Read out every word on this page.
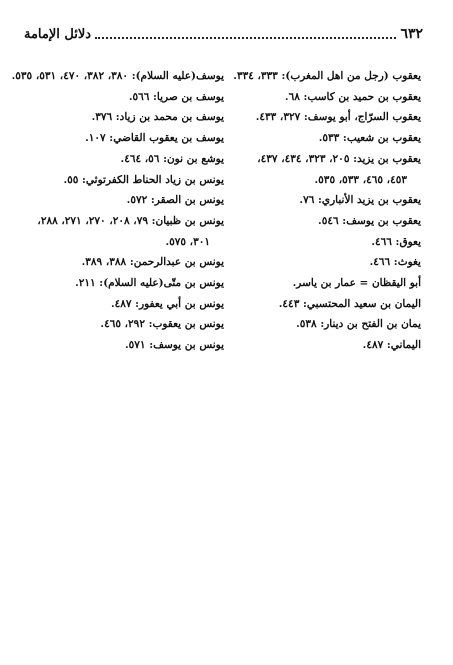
٦٣٢
دلائل الإمامة
يعقوب (رجل من اهل المغرب): ٣٣٣، ٣٣٤.
يعقوب بن حميد بن كاسب: ٦٨.
يعقوب السرّاج، أبو يوسف: ٣٢٧، ٤٣٣.
يعقوب بن شعيب: ٥٣٣.
يعقوب بن يزيد: ٢٠٥، ٣٢٣، ٤٣٤، ٤٣٧،
٤٥٣، ٤٦٥، ٥٣٣، ٥٣٥.
يعقوب بن يزيد الأنباري: ٧٦.
يعقوب بن يوسف: ٥٤٦.
يعوق: ٤٦٦.
يغوث: ٤٦٦.
أبو اليقظان = عمار بن ياسر.
اليمان بن سعيد المحتسبي: ٤٤٣.
يمان بن الفتح بن دينار: ٥٣٨.
اليماني: ٤٨٧.
يوسف(عليه السلام): ٣٨٠، ٣٨٢، ٤٧٠، ٥٣١، ٥٣٥.
يوسف بن صريا: ٥٦٦.
يوسف بن محمد بن زياد: ٣٧٦.
يوسف بن يعقوب القاضي: ١٠٧.
يوشع بن نون: ٥٦، ٤٦٤.
يونس بن زياد الحناط الكفرتوثي: ٥٥.
يونس بن الصقر: ٥٧٢.
يونس بن ظبيان: ٧٩، ٢٠٨، ٢٧٠، ٢٧١، ٢٨٨،
٣٠١، ٥٧٥.
يونس بن عبدالرحمن: ٣٨٨، ٣٨٩.
يونس بن متّى(عليه السلام): ٢١١.
يونس بن أبي يعفور: ٤٨٧.
يونس بن يعقوب: ٢٩٢، ٤٦٥.
يونس بن يوسف: ٥٧١.
